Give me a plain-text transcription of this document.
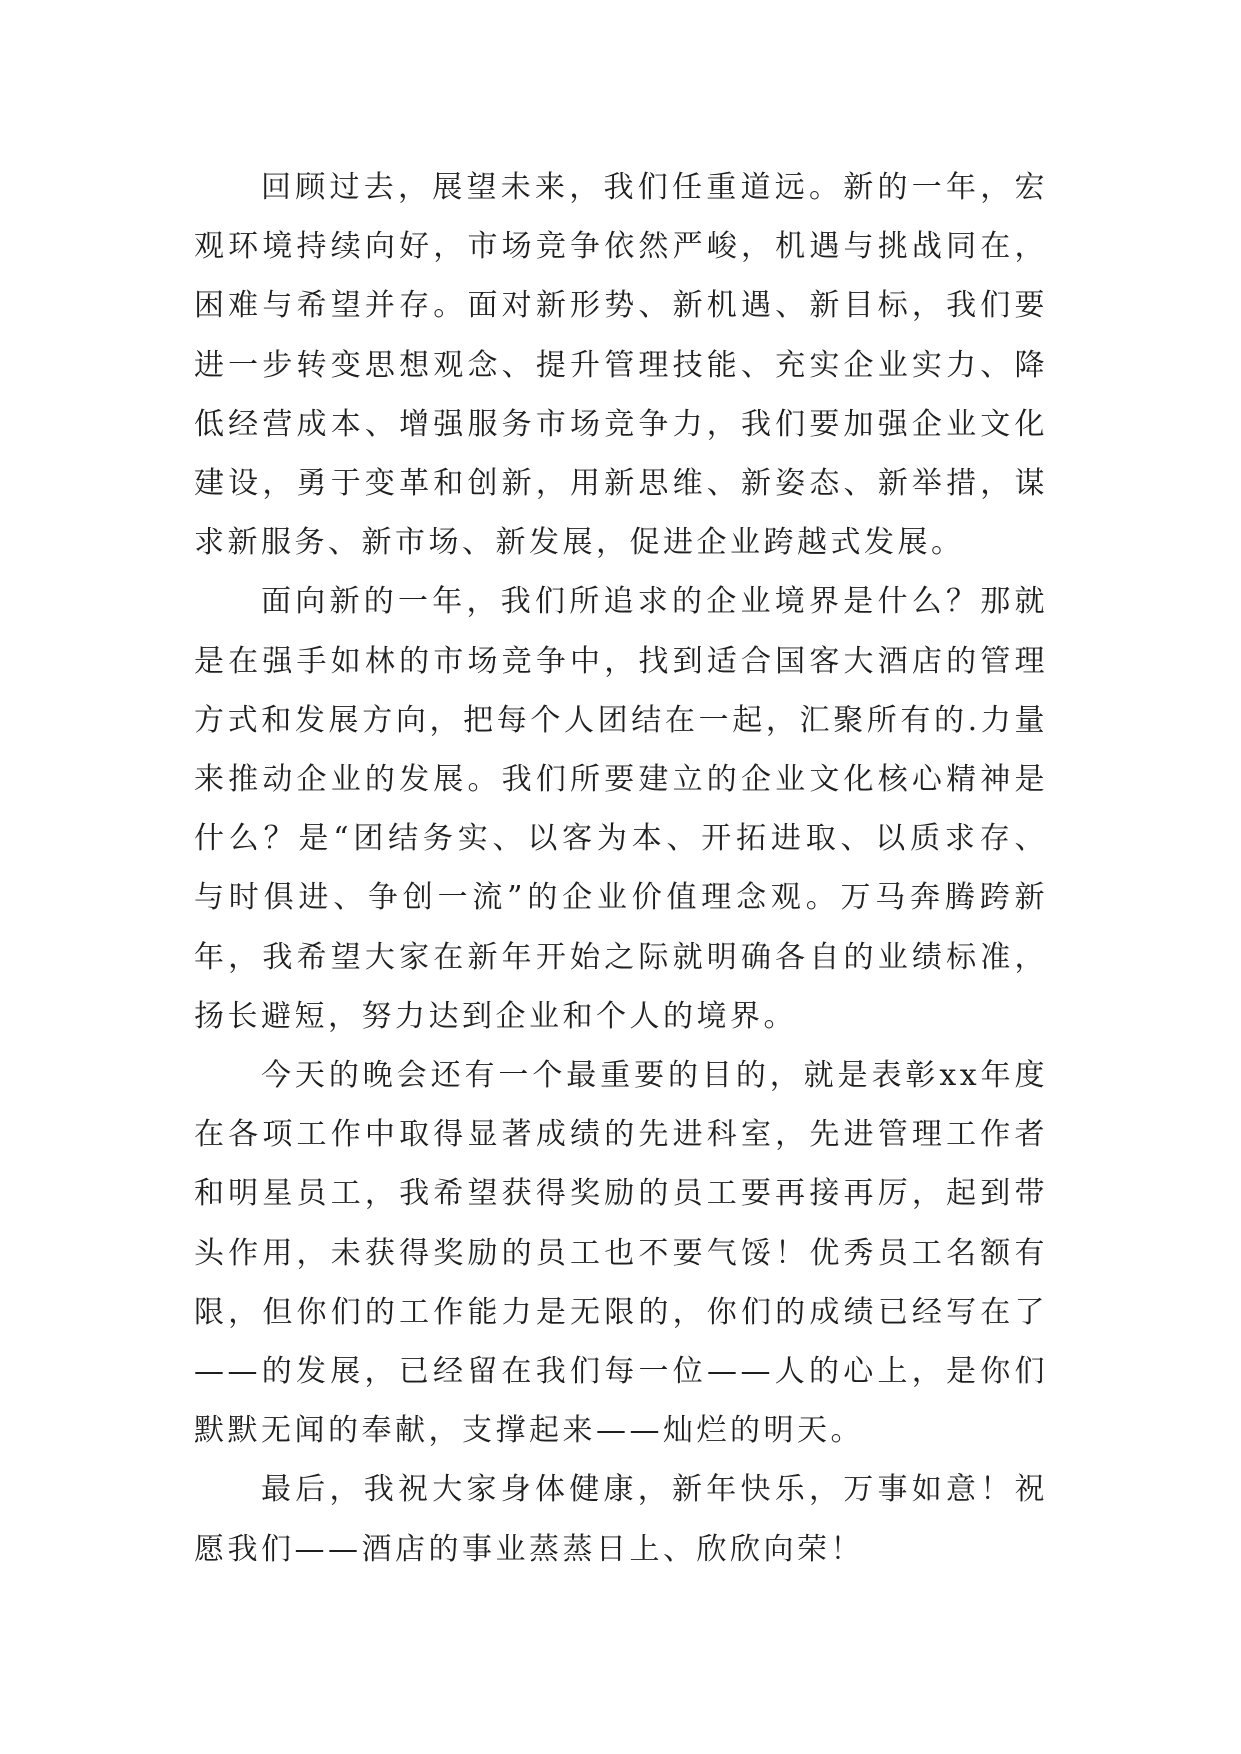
回顾过去，展望未来，我们任重道远。新的一年，宏观环境持续向好，市场竞争依然严峻，机遇与挑战同在，困难与希望并存。面对新形势、新机遇、新目标，我们要进一步转变思想观念、提升管理技能、充实企业实力、降低经营成本、增强服务市场竞争力，我们要加强企业文化建设，勇于变革和创新，用新思维、新姿态、新举措，谋求新服务、新市场、新发展，促进企业跨越式发展。

面向新的一年，我们所追求的企业境界是什么？那就是在强手如林的市场竞争中，找到适合国客大酒店的管理方式和发展方向，把每个人团结在一起，汇聚所有的.力量来推动企业的发展。我们所要建立的企业文化核心精神是什么？是“团结务实、以客为本、开拓进取、以质求存、与时俱进、争创一流”的企业价值理念观。万马奔腾跨新年，我希望大家在新年开始之际就明确各自的业绩标准，扬长避短，努力达到企业和个人的境界。

今天的晚会还有一个最重要的目的，就是表彰xx年度在各项工作中取得显著成绩的先进科室，先进管理工作者和明星员工，我希望获得奖励的员工要再接再厉，起到带头作用，未获得奖励的员工也不要气馁！优秀员工名额有限，但你们的工作能力是无限的，你们的成绩已经写在了——的发展，已经留在我们每一位——人的心上，是你们默默无闻的奉献，支撑起来——灿烂的明天。

最后，我祝大家身体健康，新年快乐，万事如意！祝愿我们——酒店的事业蒸蒸日上、欣欣向荣！
